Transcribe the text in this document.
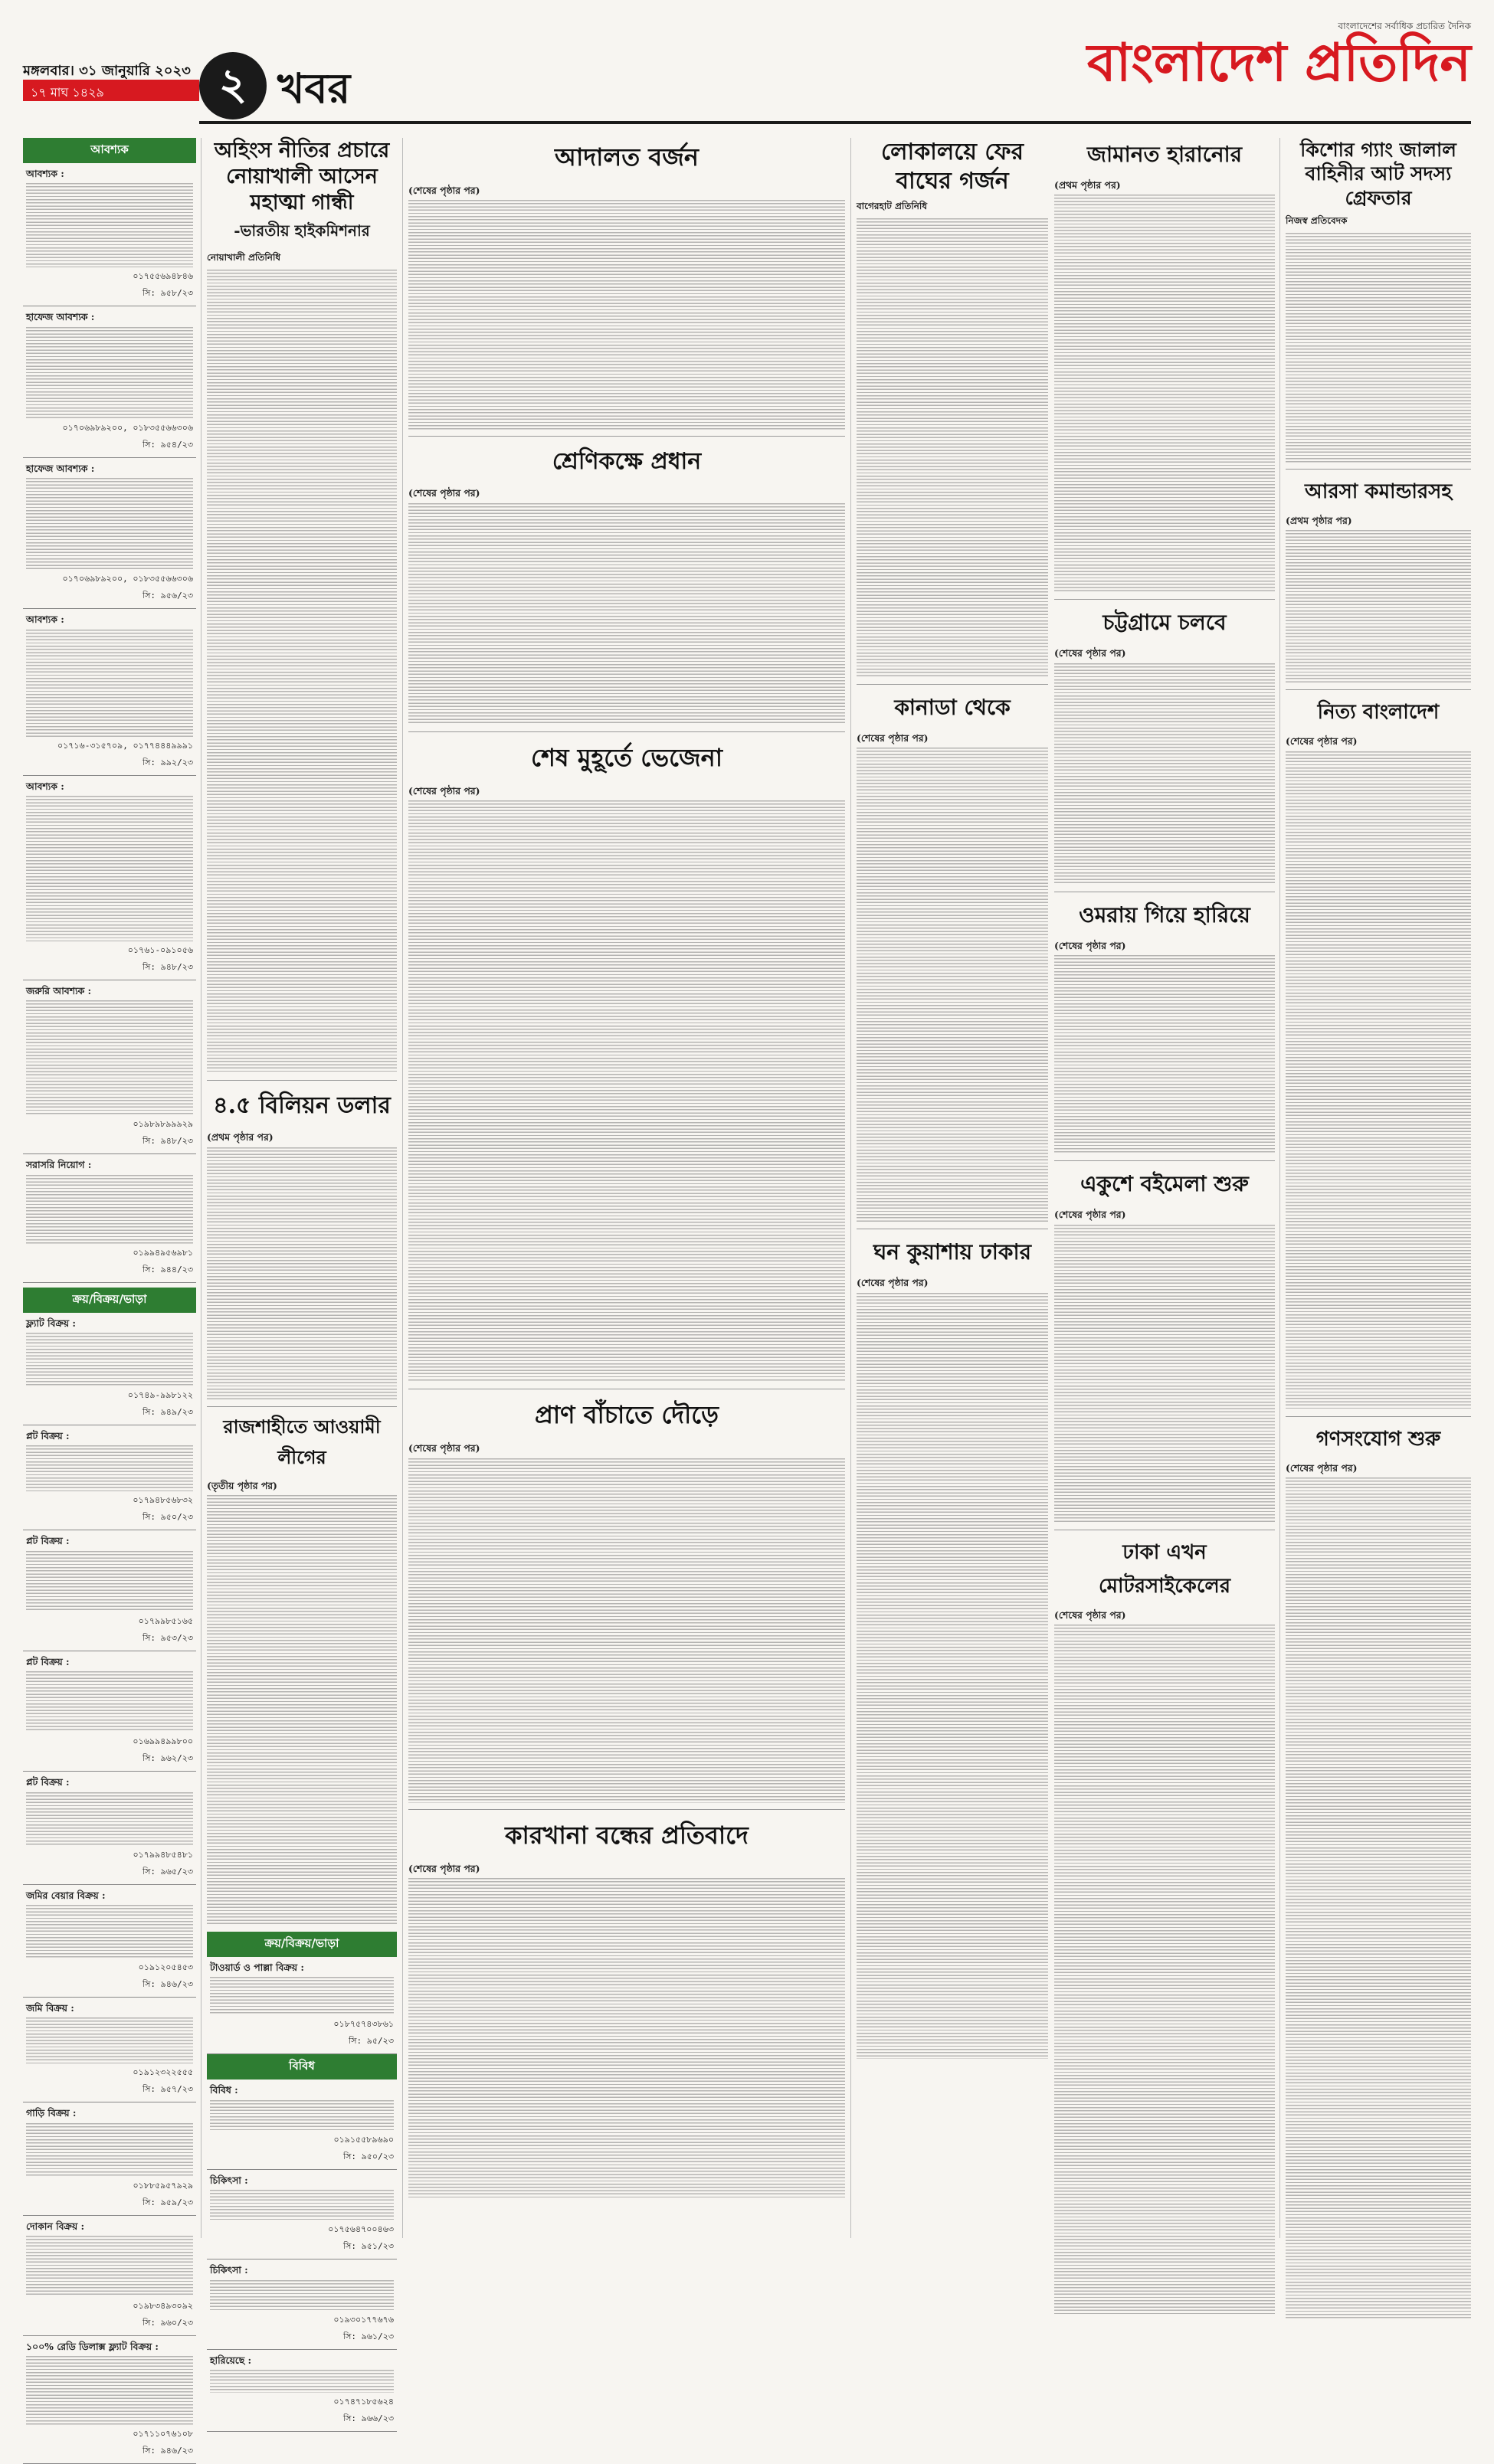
মঙ্গলবার। ৩১ জানুয়ারি ২০২৩
১৭ মাঘ ১৪২৯	২ খবর
বাংলাদেশের সর্বাধিক প্রচারিত দৈনিক
বাংলাদেশ প্রতিদিন
আবশ্যক
আবশ্যক :
০১৭৫৫৬৯৪৮৪৬
সি: ৯৫৮/২৩
হাফেজ আবশ্যক :
০১৭০৬৯৮৯২০০, ০১৮৩৫৫৬৬৩০৬
সি: ৯৫৪/২৩
হাফেজ আবশ্যক :
০১৭০৬৯৮৯২০০, ০১৮৩৫৫৬৬৩০৬
সি: ৯৫৬/২৩
আবশ্যক :
০১৭১৬-৩১৫৭০৯, ০১৭৭৪৪৪৯৯৯১
সি: ৯৯২/২৩
আবশ্যক :
০১৭৬১-০৯১০৫৬
সি: ৯৪৮/২৩
জরুরি আবশ্যক :
০১৯৮৯৮৯৯৯২৯
সি: ৯৪৮/২৩
সরাসরি নিয়োগ :
০১৯৯৪৯৫৬৯৮১
সি: ৯৪৪/২৩
ক্রয়/বিক্রয়/ভাড়া
ফ্ল্যাট বিক্রয় :
০১৭৪৯-৯৯৮১২২
সি: ৯৪৯/২৩
প্লট বিক্রয় :
০১৭৯৪৮৫৬৮৩২
সি: ৯৫০/২৩
প্লট বিক্রয় :
০১৭৯৯৮৫১৬৫
সি: ৯৫৩/২৩
প্লট বিক্রয় :
০১৬৯৯৪৯৯৮০০
সি: ৯৬২/২৩
প্লট বিক্রয় :
০১৭৯৯৪৮৫৪৮১
সি: ৯৬৫/২৩
জমির বেয়ার বিক্রয় :
০১৯১২০৫৪৫৩
সি: ৯৪৬/২৩
জমি বিক্রয় :
০১৯১২৩২২৫৫৫
সি: ৯৫৭/২৩
গাড়ি বিক্রয় :
০১৮৮৫৯৫৭৯২৯
সি: ৯৫৯/২৩
দোকান বিক্রয় :
০১৯৮৩৪৯৩০৯২
সি: ৯৬০/২৩
১০০% রেডি ডিলাক্স ফ্ল্যাট বিক্রয় :
০১৭১১০৭৬১০৮
সি: ৯৪৬/২৩
অহিংস নীতির প্রচারে নোয়াখালী আসেন মহাত্মা গান্ধী
-ভারতীয় হাইকমিশনার
নোয়াখালী প্রতিনিধি
৪.৫ বিলিয়ন ডলার
(প্রথম পৃষ্ঠার পর)
রাজশাহীতে আওয়ামী লীগের
(তৃতীয় পৃষ্ঠার পর)
ক্রয়/বিক্রয়/ভাড়া
টাওয়ার্ড ও পাল্লা বিক্রয় :
০১৮৭৫৭৪৩৮৬১
সি: ৯৫/২৩
বিবিধ
বিবিধ :
০১৯১৫৫৮৯৬৯০
সি: ৯৫০/২৩
চিকিৎসা :
০১৭৫৬৪৭০০৪৬৩
সি: ৯৫১/২৩
চিকিৎসা :
০১৯৩০১৭৭৬৭৬
সি: ৯৬১/২৩
হারিয়েছে :
০১৭৪৭১৮৫৬২৪
সি: ৯৬৬/২৩
আদালত বর্জন
(শেষের পৃষ্ঠার পর)
শ্রেণিকক্ষে প্রধান
(শেষের পৃষ্ঠার পর)
শেষ মুহূর্তে ভেজেনা
(শেষের পৃষ্ঠার পর)
প্রাণ বাঁচাতে দৌড়ে
(শেষের পৃষ্ঠার পর)
কারখানা বন্ধের প্রতিবাদে
(শেষের পৃষ্ঠার পর)
লোকালয়ে ফের বাঘের গর্জন
বাগেরহাট প্রতিনিধি
কানাডা থেকে
(শেষের পৃষ্ঠার পর)
ঘন কুয়াশায় ঢাকার
(শেষের পৃষ্ঠার পর)
জামানত হারানোর
(প্রথম পৃষ্ঠার পর)
চট্টগ্রামে চলবে
(শেষের পৃষ্ঠার পর)
ওমরায় গিয়ে হারিয়ে
(শেষের পৃষ্ঠার পর)
একুশে বইমেলা শুরু
(শেষের পৃষ্ঠার পর)
ঢাকা এখন মোটরসাইকেলের
(শেষের পৃষ্ঠার পর)
কিশোর গ্যাং জালাল বাহিনীর আট সদস্য গ্রেফতার
নিজস্ব প্রতিবেদক
আরসা কমান্ডারসহ
(প্রথম পৃষ্ঠার পর)
নিত্য বাংলাদেশ
(শেষের পৃষ্ঠার পর)
গণসংযোগ শুরু
(শেষের পৃষ্ঠার পর)
